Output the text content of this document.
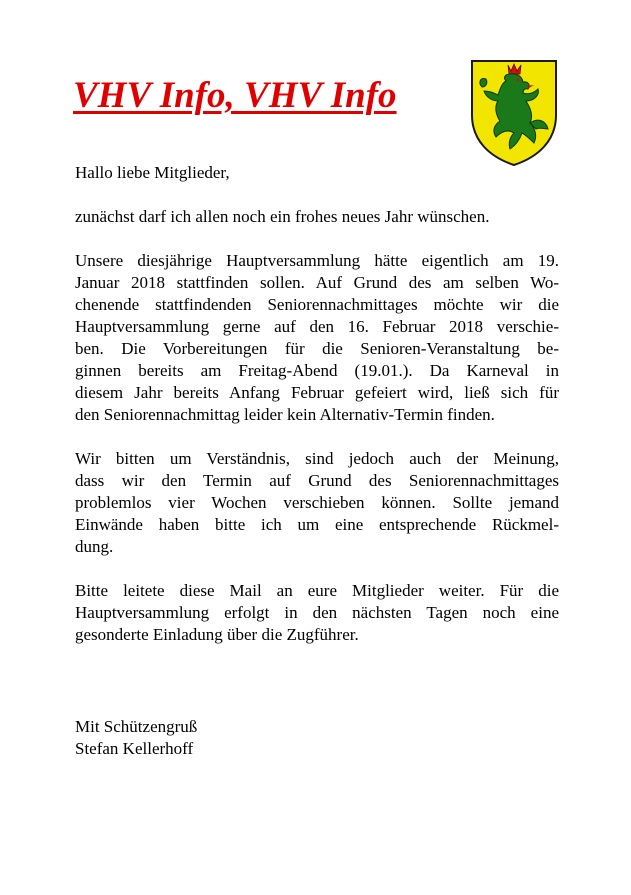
VHV Info, VHV Info

Hallo liebe Mitglieder,

zunächst darf ich allen noch ein frohes neues Jahr wünschen.

Unsere diesjährige Hauptversammlung hätte eigentlich am 19.
Januar 2018 stattfinden sollen. Auf Grund des am selben Wo-
chenende stattfindenden Seniorennachmittages möchte wir die
Hauptversammlung gerne auf den 16. Februar 2018 verschie-
ben. Die Vorbereitungen für die Senioren-Veranstaltung be-
ginnen bereits am Freitag-Abend (19.01.). Da Karneval in
diesem Jahr bereits Anfang Februar gefeiert wird, ließ sich für
den Seniorennachmittag leider kein Alternativ-Termin finden.

Wir bitten um Verständnis, sind jedoch auch der Meinung,
dass wir den Termin auf Grund des Seniorennachmittages
problemlos vier Wochen verschieben können. Sollte jemand
Einwände haben bitte ich um eine entsprechende Rückmel-
dung.

Bitte leitete diese Mail an eure Mitglieder weiter. Für die
Hauptversammlung erfolgt in den nächsten Tagen noch eine
gesonderte Einladung über die Zugführer.

Mit Schützengruß
Stefan Kellerhoff
